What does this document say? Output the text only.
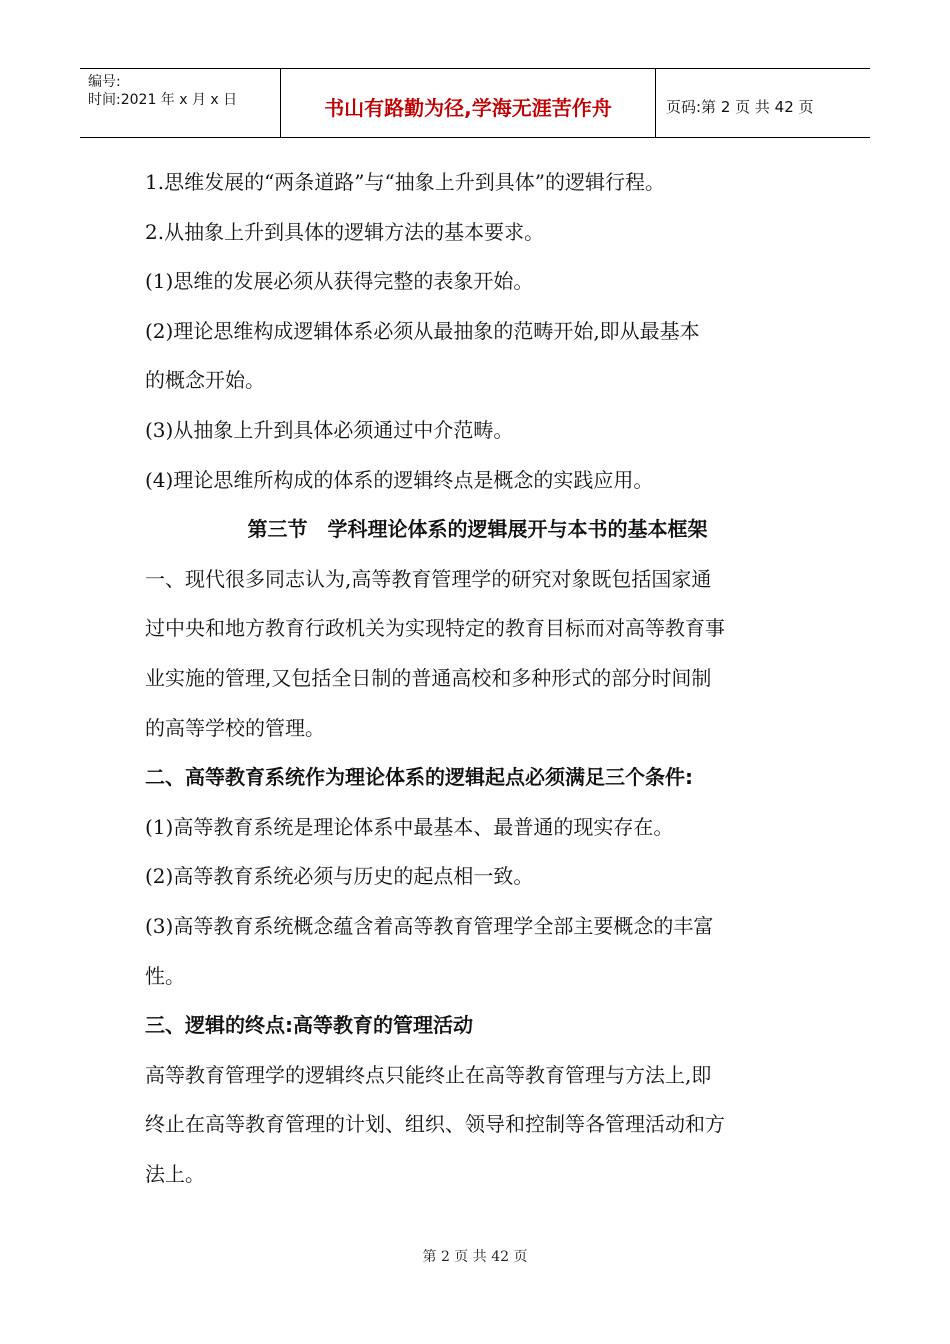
编号:
时间:2021 年 x 月 x 日	书山有路勤为径,学海无涯苦作舟	页码:第 2 页 共 42 页

1.思维发展的“两条道路”与“抽象上升到具体”的逻辑行程。

2.从抽象上升到具体的逻辑方法的基本要求。

(1)思维的发展必须从获得完整的表象开始。

(2)理论思维构成逻辑体系必须从最抽象的范畴开始,即从最基本

的概念开始。

(3)从抽象上升到具体必须通过中介范畴。

(4)理论思维所构成的体系的逻辑终点是概念的实践应用。

第三节　学科理论体系的逻辑展开与本书的基本框架

一、现代很多同志认为,高等教育管理学的研究对象既包括国家通

过中央和地方教育行政机关为实现特定的教育目标而对高等教育事

业实施的管理,又包括全日制的普通高校和多种形式的部分时间制

的高等学校的管理。

二、高等教育系统作为理论体系的逻辑起点必须满足三个条件:

(1)高等教育系统是理论体系中最基本、最普通的现实存在。

(2)高等教育系统必须与历史的起点相一致。

(3)高等教育系统概念蕴含着高等教育管理学全部主要概念的丰富

性。

三、逻辑的终点:高等教育的管理活动

高等教育管理学的逻辑终点只能终止在高等教育管理与方法上,即

终止在高等教育管理的计划、组织、领导和控制等各管理活动和方

法上。

第 2 页 共 42 页
